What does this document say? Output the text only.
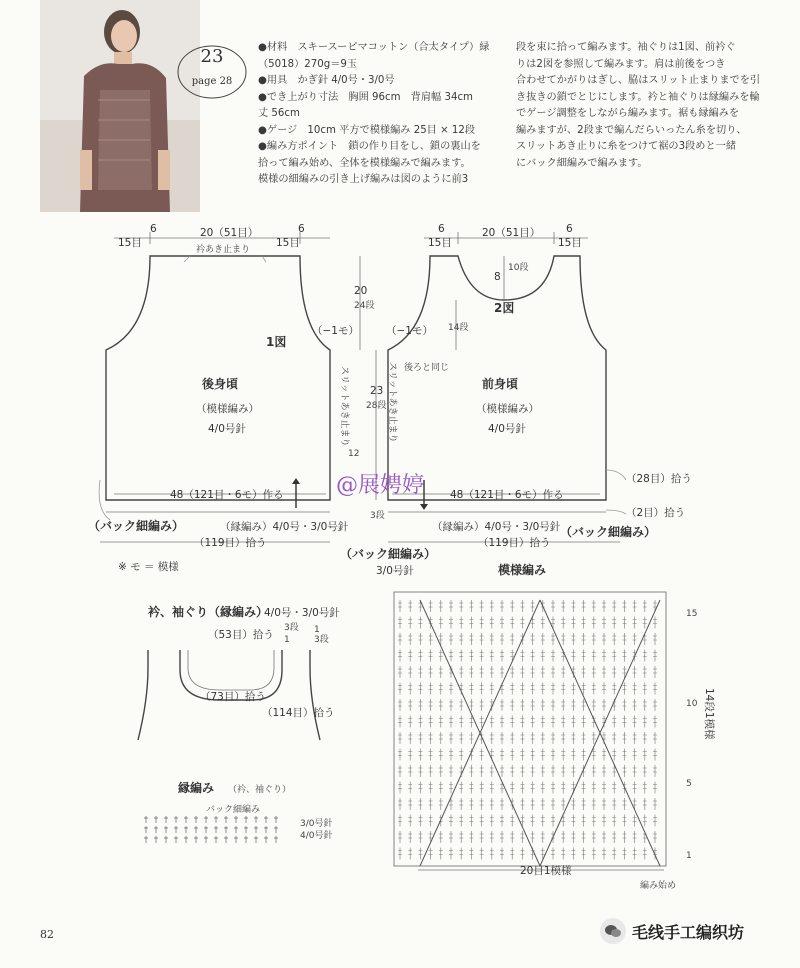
23
page 28
●材料　スキースーピマコットン（合太タイプ）緑
（5018）270g＝9玉
●用具　かぎ針 4/0号・3/0号
●でき上がり寸法　胸囲 96cm　背肩幅 34cm
丈 56cm
●ゲージ　10cm 平方で模様編み 25目 × 12段
●編み方ポイント　鎖の作り目をし、鎖の裏山を
拾って編み始め、全体を模様編みで編みます。
模様の細編みの引き上げ編みは図のように前3
段を束に拾って編みます。袖ぐりは1図、前衿ぐ
りは2図を参照して編みます。肩は前後をつき
合わせてかがりはぎし、脇はスリット止まりまでを引
き抜きの鎖でとじにします。衿と袖ぐりは縁編みを輪
でゲージ調整をしながら編みます。裾も縁編みを
編みますが、2段まで編んだらいったん糸を切り、
スリットあき止りに糸をつけて裾の3段めと一緒
にバック細編みで編みます。
6
15目
20（51目）	6
15目
衿あき止まり
1図
（−1モ）
後身頃
（模様編み）
4/0号針
48（121目・6モ）作る
（バック細編み）	（縁編み）4/0号・3/0号針
（119目）拾う
6
15目
20（51目） 6
15目
8
10段
2図
14段
（−1モ）
後ろと同じ
前身頃
（模様編み）
4/0号針
48（121目・6モ）作る
（28目）拾う
（2目）拾う
（縁編み）4/0号・3/0号針 （バック細編み）
（119目）拾う
20
24段
23
28段
12
スリットあき止まり	スリットあき止まり
3段
（バック細編み）
3/0号針
※ モ ＝ 模様
衿、袖ぐり（縁編み）
4/0号・3/0号針
（53目）拾う
（73目）拾う
（114目）拾う
3段
3段
1
1
縁編み （衿、袖ぐり）
バック細編み
3/0号針
4/0号針
模様編み
15
10
5
1
14段1模様
20目1模様
編み始め
@展娉婷
82	毛线手工编织坊
